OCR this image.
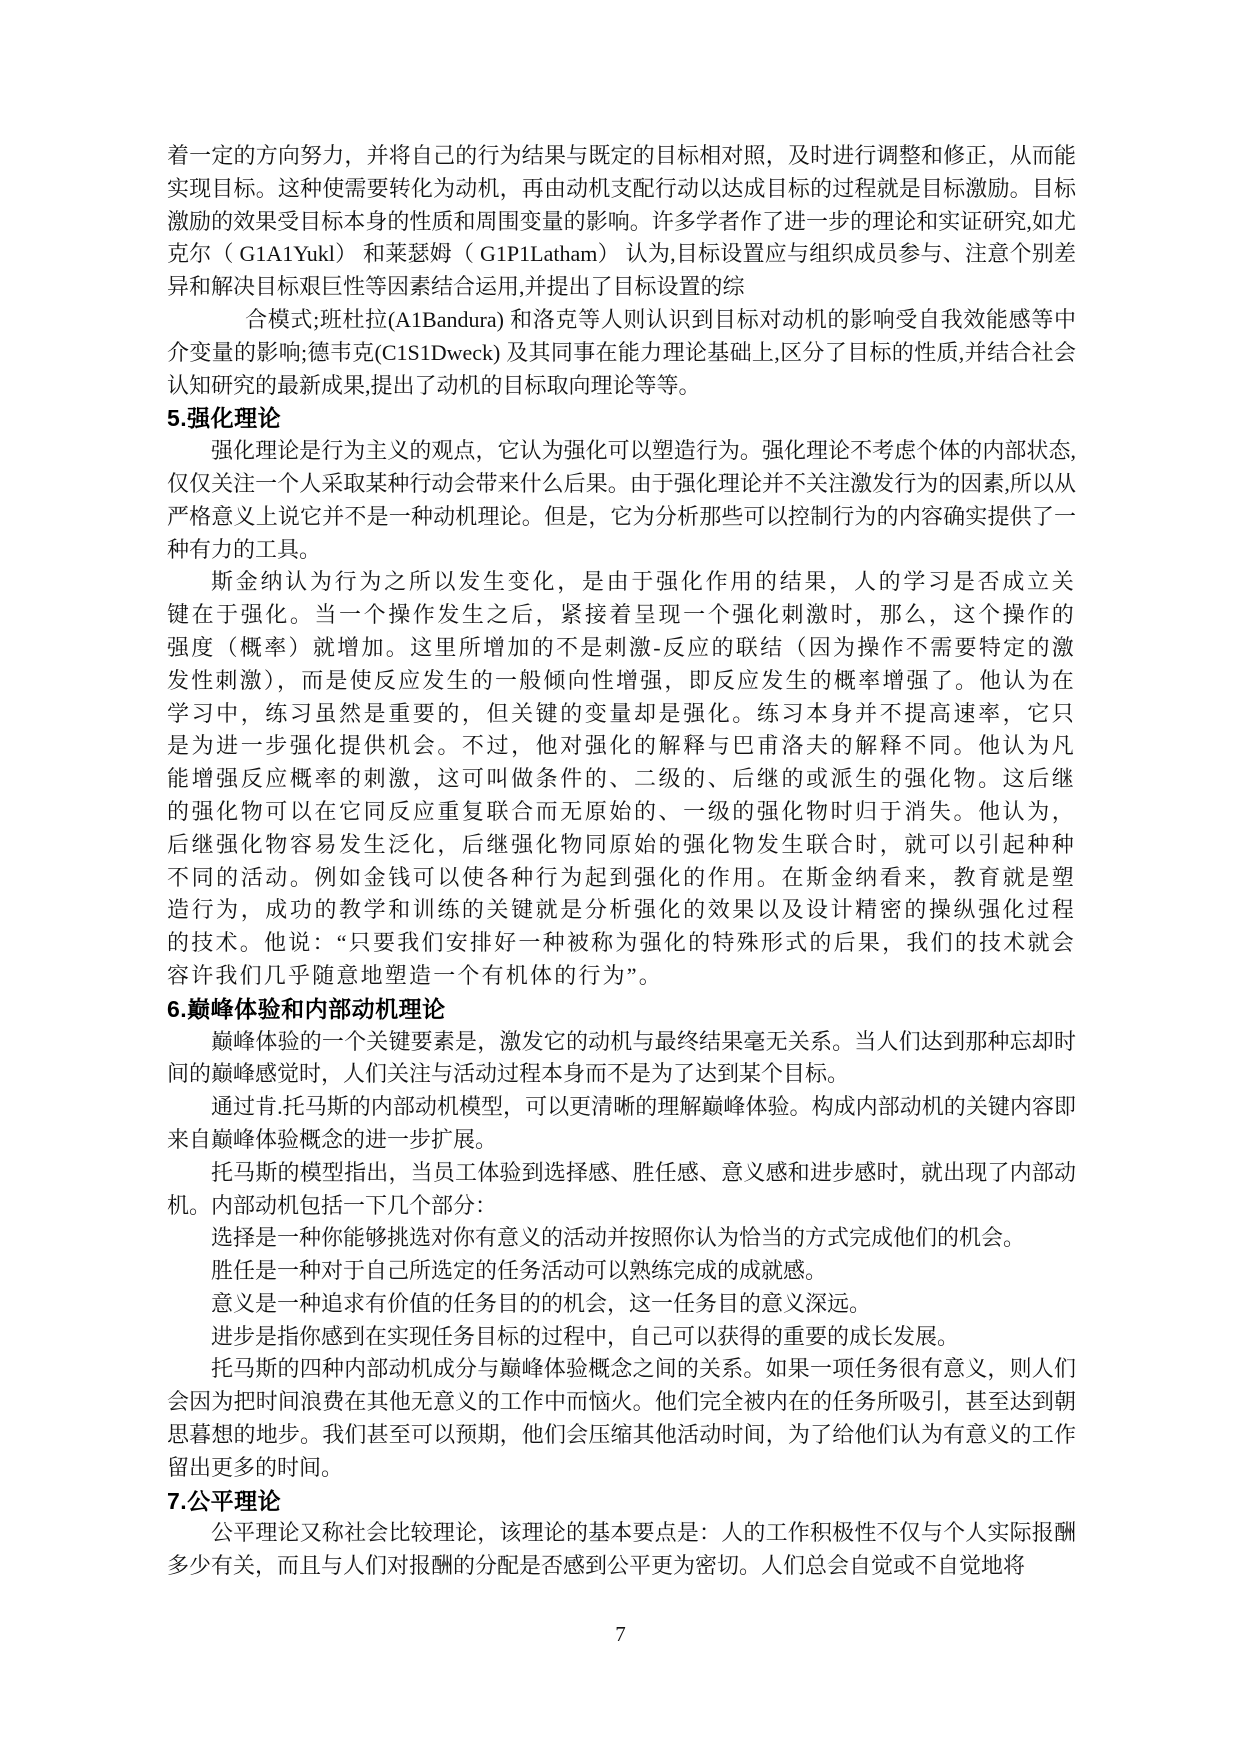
着一定的方向努力，并将自己的行为结果与既定的目标相对照，及时进行调整和修正，从而能实现目标。这种使需要转化为动机，再由动机支配行动以达成目标的过程就是目标激励。目标激励的效果受目标本身的性质和周围变量的影响。许多学者作了进一步的理论和实证研究,如尤克尔（ G1A1Yukl） 和莱瑟姆（ G1P1Latham） 认为,目标设置应与组织成员参与、注意个别差异和解决目标艰巨性等因素结合运用,并提出了目标设置的综
合模式;班杜拉(A1Bandura) 和洛克等人则认识到目标对动机的影响受自我效能感等中介变量的影响;德韦克(C1S1Dweck) 及其同事在能力理论基础上,区分了目标的性质,并结合社会认知研究的最新成果,提出了动机的目标取向理论等等。
5.强化理论
强化理论是行为主义的观点，它认为强化可以塑造行为。强化理论不考虑个体的内部状态,仅仅关注一个人采取某种行动会带来什么后果。由于强化理论并不关注激发行为的因素,所以从严格意义上说它并不是一种动机理论。但是，它为分析那些可以控制行为的内容确实提供了一种有力的工具。
斯金纳认为行为之所以发生变化，是由于强化作用的结果，人的学习是否成立关键在于强化。当一个操作发生之后，紧接着呈现一个强化刺激时，那么，这个操作的强度（概率）就增加。这里所增加的不是刺激-反应的联结（因为操作不需要特定的激发性刺激），而是使反应发生的一般倾向性增强，即反应发生的概率增强了。他认为在学习中，练习虽然是重要的，但关键的变量却是强化。练习本身并不提高速率，它只是为进一步强化提供机会。不过，他对强化的解释与巴甫洛夫的解释不同。他认为凡能增强反应概率的刺激，这可叫做条件的、二级的、后继的或派生的强化物。这后继的强化物可以在它同反应重复联合而无原始的、一级的强化物时归于消失。他认为，后继强化物容易发生泛化，后继强化物同原始的强化物发生联合时，就可以引起种种不同的活动。例如金钱可以使各种行为起到强化的作用。在斯金纳看来，教育就是塑造行为，成功的教学和训练的关键就是分析强化的效果以及设计精密的操纵强化过程的技术。他说：“只要我们安排好一种被称为强化的特殊形式的后果，我们的技术就会容许我们几乎随意地塑造一个有机体的行为”。
6.巅峰体验和内部动机理论
巅峰体验的一个关键要素是，激发它的动机与最终结果毫无关系。当人们达到那种忘却时间的巅峰感觉时，人们关注与活动过程本身而不是为了达到某个目标。
通过肯.托马斯的内部动机模型，可以更清晰的理解巅峰体验。构成内部动机的关键内容即来自巅峰体验概念的进一步扩展。
托马斯的模型指出，当员工体验到选择感、胜任感、意义感和进步感时，就出现了内部动机。内部动机包括一下几个部分：
选择是一种你能够挑选对你有意义的活动并按照你认为恰当的方式完成他们的机会。
胜任是一种对于自己所选定的任务活动可以熟练完成的成就感。
意义是一种追求有价值的任务目的的机会，这一任务目的意义深远。
进步是指你感到在实现任务目标的过程中，自己可以获得的重要的成长发展。
托马斯的四种内部动机成分与巅峰体验概念之间的关系。如果一项任务很有意义，则人们会因为把时间浪费在其他无意义的工作中而恼火。他们完全被内在的任务所吸引，甚至达到朝思暮想的地步。我们甚至可以预期，他们会压缩其他活动时间，为了给他们认为有意义的工作留出更多的时间。
7.公平理论
公平理论又称社会比较理论，该理论的基本要点是：人的工作积极性不仅与个人实际报酬多少有关，而且与人们对报酬的分配是否感到公平更为密切。人们总会自觉或不自觉地将
7
